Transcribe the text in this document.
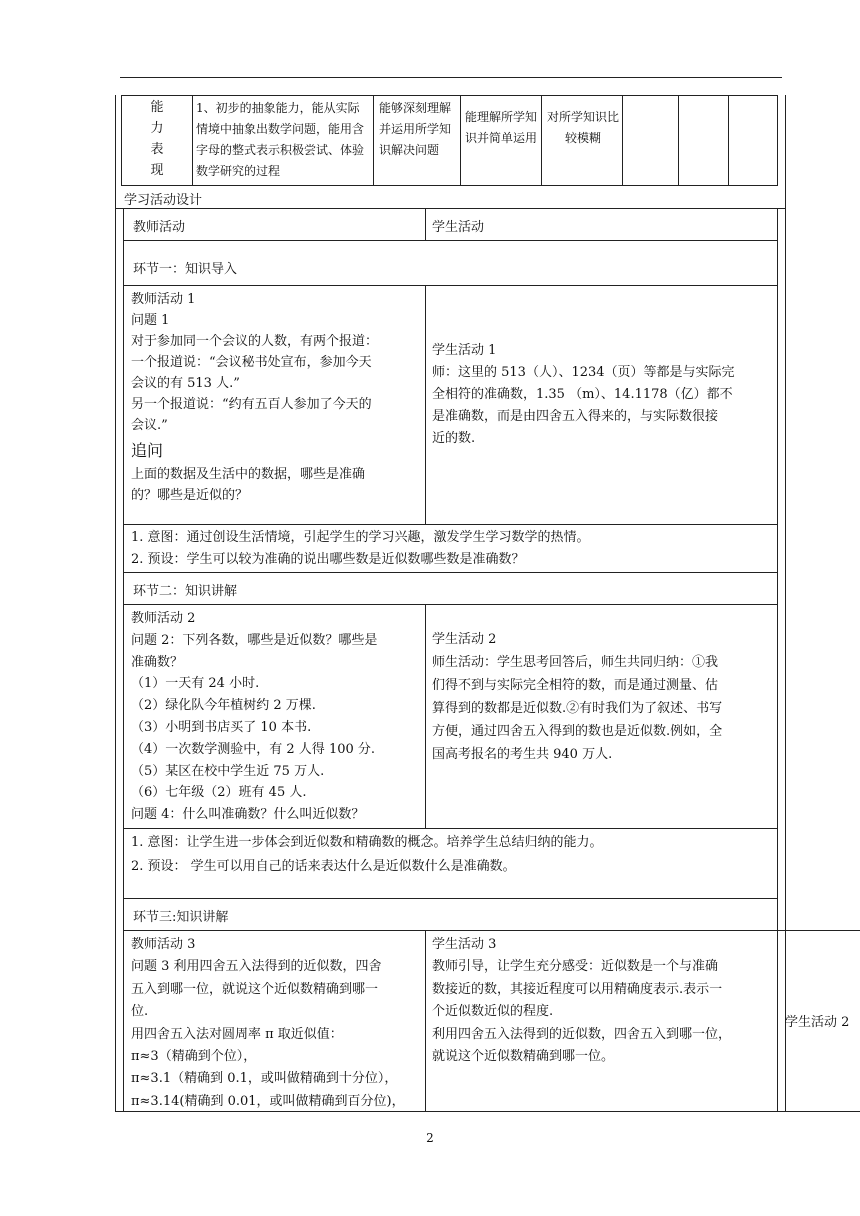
能
力
表
现
1、初步的抽象能力，能从实际情境中抽象出数学问题，能用含字母的整式表示积极尝试、体验数学研究的过程
能够深刻理解并运用所学知识解决问题
能理解所学知识并简单运用
对所学知识比较模糊
学习活动设计
教师活动	学生活动
环节一：知识导入
教师活动 1
问题 1
对于参加同一个会议的人数，有两个报道：
一个报道说：“会议秘书处宣布，参加今天
会议的有 513 人.”
另一个报道说：“约有五百人参加了今天的
会议.”
追问
上面的数据及生活中的数据，哪些是准确
的？哪些是近似的？
学生活动 1
师：这里的 513（人）、1234（页）等都是与实际完
全相符的准确数，1.35 （m）、14.1178（亿）都不
是准确数，而是由四舍五入得来的，与实际数很接
近的数.
1. 意图：通过创设生活情境，引起学生的学习兴趣，激发学生学习数学的热情。
2. 预设：学生可以较为准确的说出哪些数是近似数哪些数是准确数？
环节二：知识讲解
教师活动 2
问题 2：下列各数，哪些是近似数？哪些是
准确数？
（1）一天有 24 小时.
（2）绿化队今年植树约 2 万棵.
（3）小明到书店买了 10 本书.
（4）一次数学测验中，有 2 人得 100 分.
（5）某区在校中学生近 75 万人.
（6）七年级（2）班有 45 人.
问题 4：什么叫准确数？什么叫近似数？
学生活动 2
师生活动：学生思考回答后，师生共同归纳：①我
们得不到与实际完全相符的数，而是通过测量、估
算得到的数都是近似数.②有时我们为了叙述、书写
方便，通过四舍五入得到的数也是近似数.例如，全
国高考报名的考生共 940 万人.
1. 意图：让学生进一步体会到近似数和精确数的概念。培养学生总结归纳的能力。
2. 预设： 学生可以用自己的话来表达什么是近似数什么是准确数。
环节三:知识讲解
教师活动 3
问题 3 利用四舍五入法得到的近似数，四舍
五入到哪一位，就说这个近似数精确到哪一
位.
用四舍五入法对圆周率 π 取近似值：
π≈3（精确到个位），
π≈3.1（精确到 0.1，或叫做精确到十分位），
π≈3.14(精确到 0.01，或叫做精确到百分位)，
学生活动 3
教师引导，让学生充分感受：近似数是一个与准确
数接近的数，其接近程度可以用精确度表示.表示一
个近似数近似的程度.
利用四舍五入法得到的近似数，四舍五入到哪一位，
就说这个近似数精确到哪一位。
学生活动 2
2
